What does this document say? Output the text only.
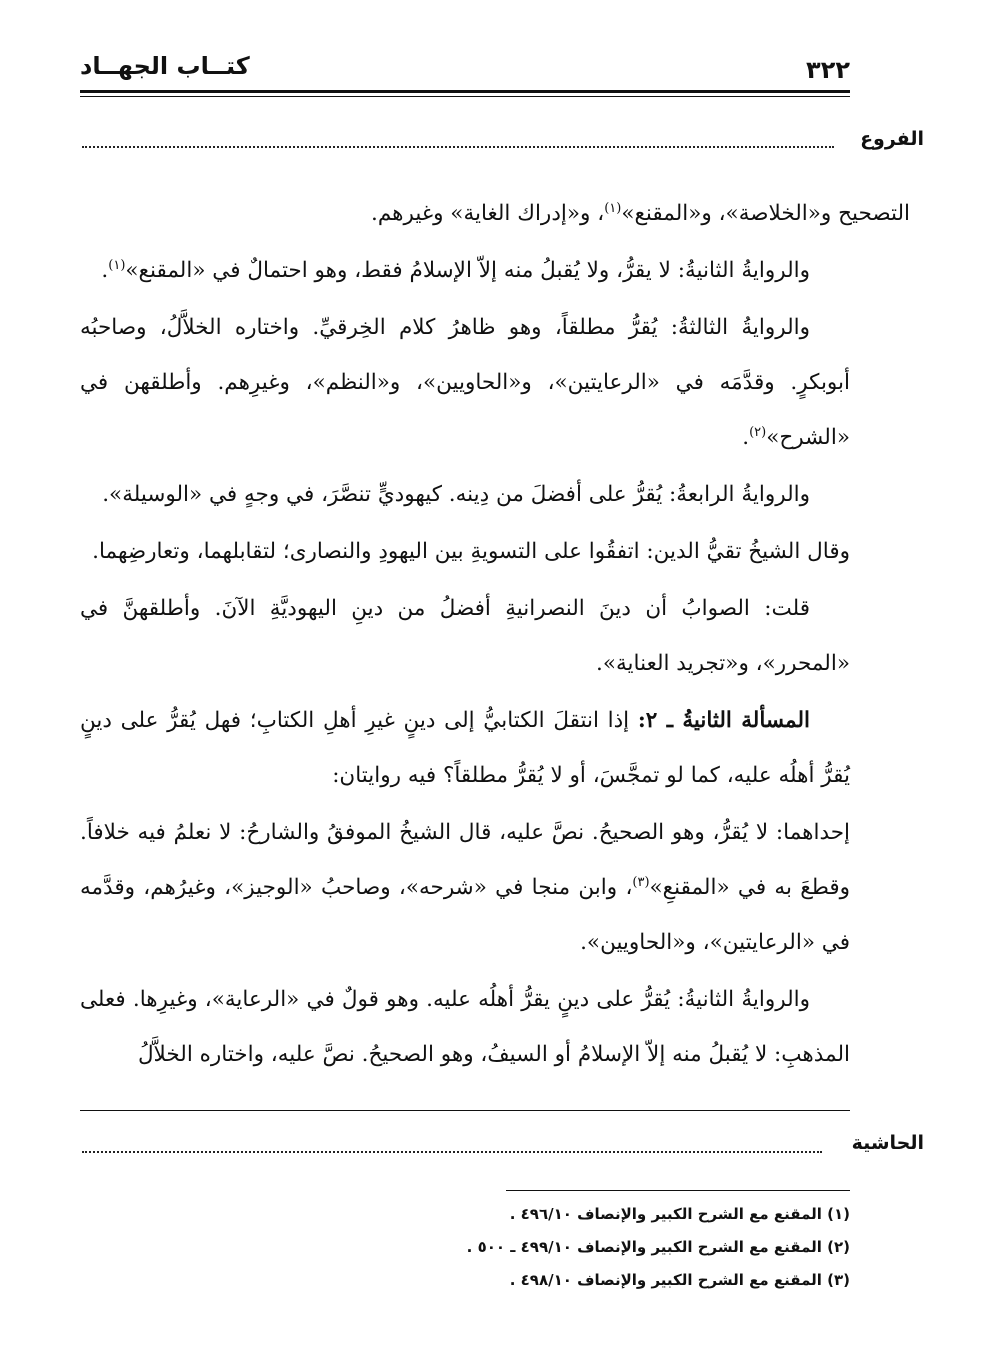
٣٢٢
كتــاب الجهــاد
الفروع

التصحيح و«الخلاصة»، و«المقنع»$^{(١)}$، و«إدراك الغاية» وغيرهم.

والروايةُ الثانيةُ: لا يقرُّ، ولا يُقبلُ منه إلاّ الإسلامُ فقط، وهو احتمالٌ في «المقنع»$^{(١)}$.

والروايةُ الثالثةُ: يُقرُّ مطلقاً، وهو ظاهرُ كلام الخِرقيِّ. واختاره الخلاَّلُ، وصاحبُه أبوبكرٍ. وقدَّمَه في «الرعايتين»، و«الحاويين»، و«النظم»، وغيرِهم. وأطلقهن في «الشرح»$^{(٢)}$.

والروايةُ الرابعةُ: يُقرُّ على أفضلَ من دِينه. كيهوديٍّ تنصَّرَ، في وجهٍ في «الوسيلة».

وقال الشيخُ تقيُّ الدين: اتفقُوا على التسويةِ بين اليهودِ والنصارى؛ لتقابلهما، وتعارضِهما.

قلت: الصوابُ أن دينَ النصرانيةِ أفضلُ من دينِ اليهوديَّةِ الآنَ. وأطلقهنَّ في «المحرر»، و«تجريد العناية».

المسألة الثانيةُ ـ ٢: إذا انتقلَ الكتابيُّ إلى دينٍ غيرِ أهلِ الكتابِ؛ فهل يُقرُّ على دينٍ يُقرُّ أهلُه عليه، كما لو تمجَّسَ، أو لا يُقرُّ مطلقاً؟ فيه روايتان:

إحداهما: لا يُقرُّ، وهو الصحيحُ. نصَّ عليه، قال الشيخُ الموفقُ والشارحُ: لا نعلمُ فيه خلافاً. وقطعَ به في «المقنعِ»$^{(٣)}$، وابن منجا في «شرحه»، وصاحبُ «الوجيز»، وغيرُهم، وقدَّمه في «الرعايتين»، و«الحاويين».

والروايةُ الثانيةُ: يُقرُّ على دينٍ يقرُّ أهلُه عليه. وهو قولٌ في «الرعاية»، وغيرِها. فعلى المذهبِ: لا يُقبلُ منه إلاّ الإسلامُ أو السيفُ، وهو الصحيحُ. نصَّ عليه، واختاره الخلاَّلُ

الحاشية
(١) المقنع مع الشرح الكبير والإنصاف ٤٩٦/١٠ .
(٢) المقنع مع الشرح الكبير والإنصاف ٤٩٩/١٠ ـ ٥٠٠ .
(٣) المقنع مع الشرح الكبير والإنصاف ٤٩٨/١٠ .
